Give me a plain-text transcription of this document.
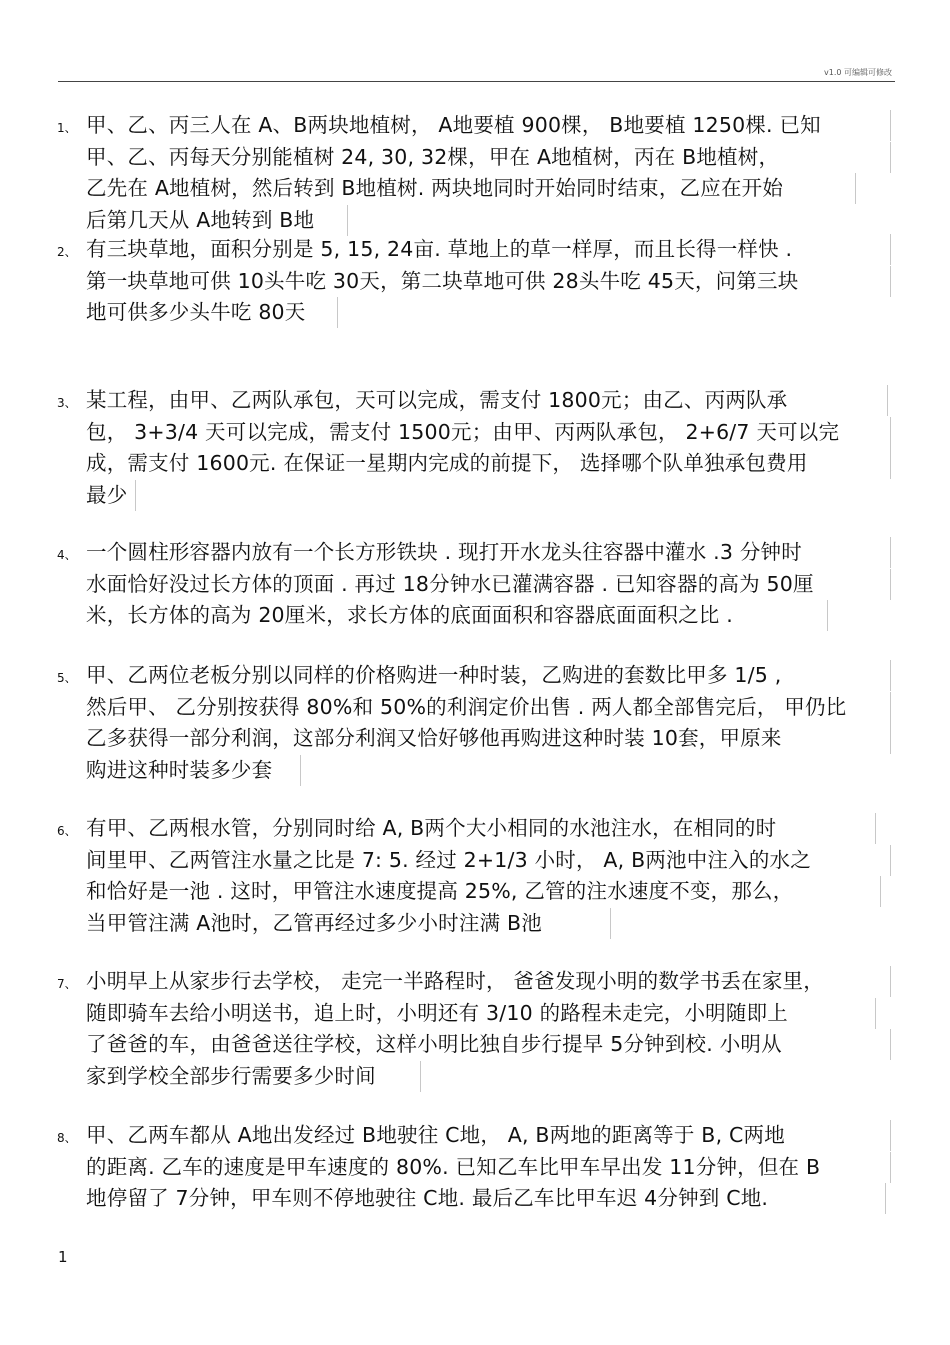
v1.0 可编辑可修改
1、 甲、乙、丙三人在 A、B两块地植树， A地要植 900棵， B地要植 1250棵. 已知
甲、乙、丙每天分别能植树 24, 30, 32棵，甲在 A地植树，丙在 B地植树，
乙先在 A地植树，然后转到 B地植树. 两块地同时开始同时结束，乙应在开始
后第几天从 A地转到 B地
2、 有三块草地，面积分别是 5, 15, 24亩. 草地上的草一样厚，而且长得一样快 .
第一块草地可供 10头牛吃 30天，第二块草地可供 28头牛吃 45天，问第三块
地可供多少头牛吃 80天
3、 某工程，由甲、乙两队承包，天可以完成，需支付 1800元；由乙、丙两队承
包， 3+3/4 天可以完成，需支付 1500元；由甲、丙两队承包， 2+6/7 天可以完
成，需支付 1600元. 在保证一星期内完成的前提下， 选择哪个队单独承包费用
最少
4、 一个圆柱形容器内放有一个长方形铁块 . 现打开水龙头往容器中灌水 .3 分钟时
水面恰好没过长方体的顶面 . 再过 18分钟水已灌满容器 . 已知容器的高为 50厘
米，长方体的高为 20厘米，求长方体的底面面积和容器底面面积之比 .
5、 甲、乙两位老板分别以同样的价格购进一种时装，乙购进的套数比甲多 1/5 ,
然后甲、 乙分别按获得 80%和 50%的利润定价出售 . 两人都全部售完后， 甲仍比
乙多获得一部分利润，这部分利润又恰好够他再购进这种时装 10套，甲原来
购进这种时装多少套
6、 有甲、乙两根水管，分别同时给 A, B两个大小相同的水池注水，在相同的时
间里甲、乙两管注水量之比是 7: 5. 经过 2+1/3 小时， A, B两池中注入的水之
和恰好是一池 . 这时，甲管注水速度提高 25%, 乙管的注水速度不变，那么，
当甲管注满 A池时，乙管再经过多少小时注满 B池
7、 小明早上从家步行去学校， 走完一半路程时， 爸爸发现小明的数学书丢在家里，
随即骑车去给小明送书，追上时，小明还有 3/10 的路程未走完，小明随即上
了爸爸的车，由爸爸送往学校，这样小明比独自步行提早 5分钟到校. 小明从
家到学校全部步行需要多少时间
8、 甲、乙两车都从 A地出发经过 B地驶往 C地， A, B两地的距离等于 B, C两地
的距离. 乙车的速度是甲车速度的 80%. 已知乙车比甲车早出发 11分钟，但在 B
地停留了 7分钟，甲车则不停地驶往 C地. 最后乙车比甲车迟 4分钟到 C地.
1
